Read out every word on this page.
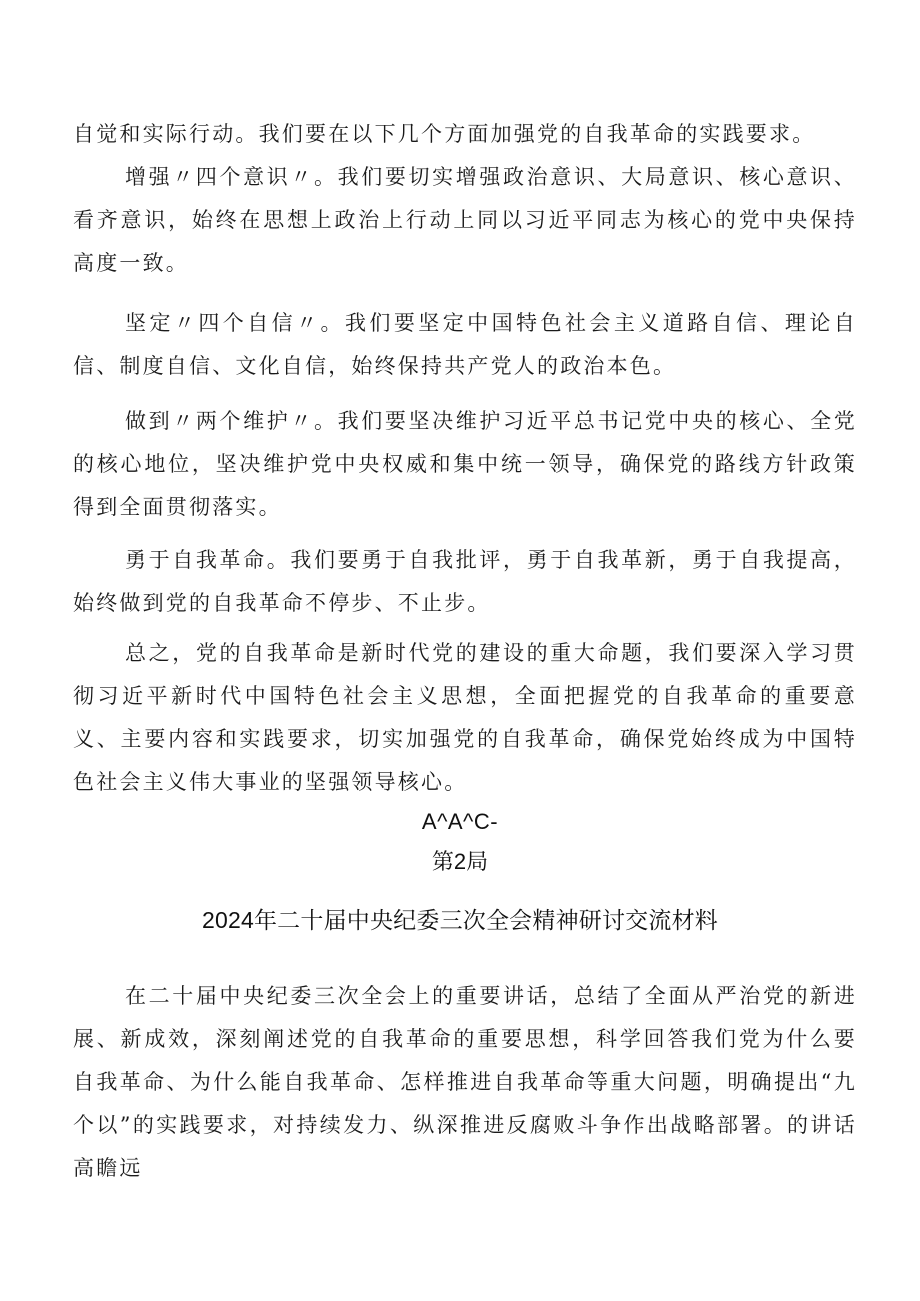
自觉和实际行动。我们要在以下几个方面加强党的自我革命的实践要求。

增强〃四个意识〃。我们要切实增强政治意识、大局意识、核心意识、看齐意识，始终在思想上政治上行动上同以习近平同志为核心的党中央保持高度一致。

坚定〃四个自信〃。我们要坚定中国特色社会主义道路自信、理论自信、制度自信、文化自信，始终保持共产党人的政治本色。

做到〃两个维护〃。我们要坚决维护习近平总书记党中央的核心、全党的核心地位，坚决维护党中央权威和集中统一领导，确保党的路线方针政策得到全面贯彻落实。

勇于自我革命。我们要勇于自我批评，勇于自我革新，勇于自我提高，始终做到党的自我革命不停步、不止步。

总之，党的自我革命是新时代党的建设的重大命题，我们要深入学习贯彻习近平新时代中国特色社会主义思想，全面把握党的自我革命的重要意义、主要内容和实践要求，切实加强党的自我革命，确保党始终成为中国特色社会主义伟大事业的坚强领导核心。

A^A^C-
第2局
2024年二十届中央纪委三次全会精神研讨交流材料

在二十届中央纪委三次全会上的重要讲话，总结了全面从严治党的新进展、新成效，深刻阐述党的自我革命的重要思想，科学回答我们党为什么要自我革命、为什么能自我革命、怎样推进自我革命等重大问题，明确提出“九个以”的实践要求，对持续发力、纵深推进反腐败斗争作出战略部署。的讲话高瞻远
